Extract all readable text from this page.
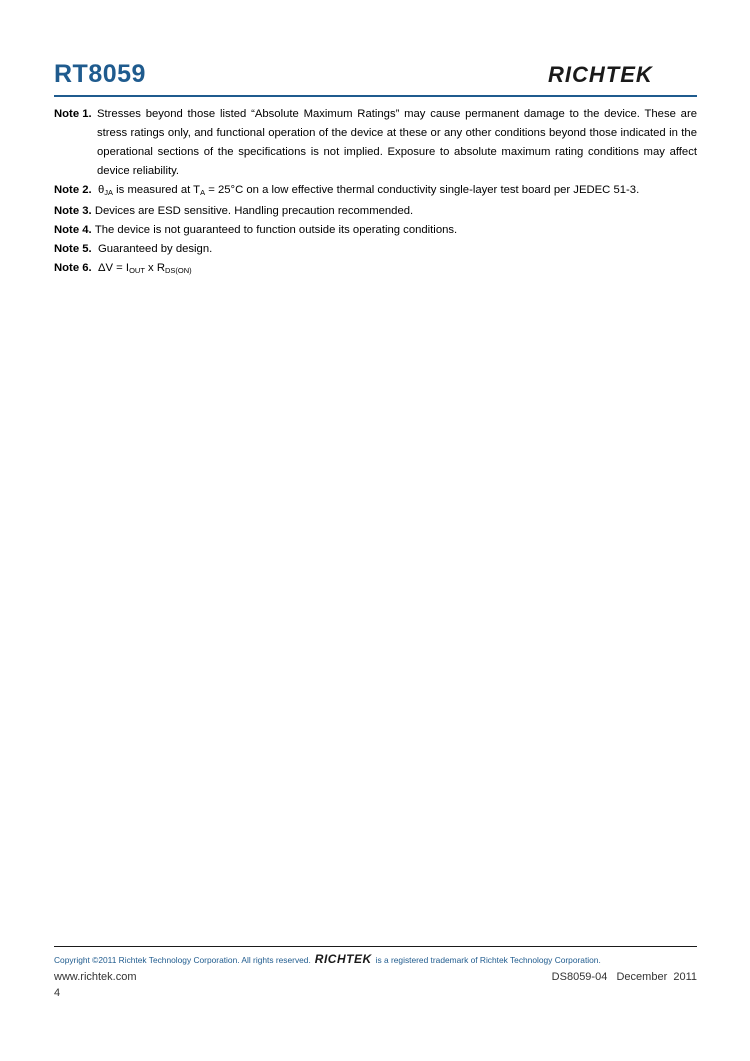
RT8059	RICHTEK
Note 1. Stresses beyond those listed “Absolute Maximum Ratings” may cause permanent damage to the device. These are stress ratings only, and functional operation of the device at these or any other conditions beyond those indicated in the operational sections of the specifications is not implied. Exposure to absolute maximum rating conditions may affect device reliability.
Note 2. $\theta_{JA}$ is measured at $T_A = 25^\circ C$ on a low effective thermal conductivity single-layer test board per JEDEC 51-3.
Note 3. Devices are ESD sensitive. Handling precaution recommended.
Note 4. The device is not guaranteed to function outside its operating conditions.
Note 5. Guaranteed by design.
Note 6. $\Delta V = I_{OUT}$ x $R_{DS(ON)}$
Copyright ©2011 Richtek Technology Corporation. All rights reserved. RICHTEK is a registered trademark of Richtek Technology Corporation.
www.richtek.com	DS8059-04   December  2011
4
